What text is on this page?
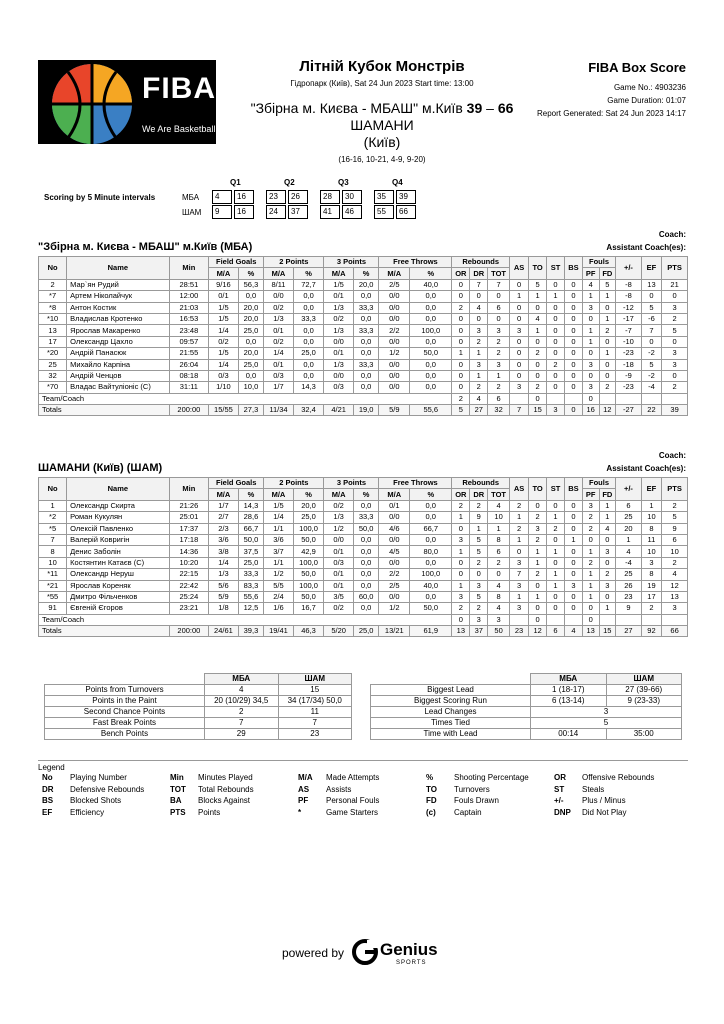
FIBA
We Are Basketball
Літній Кубок Монстрів
Гідропарк (Київ), Sat 24 Jun 2023 Start time: 13:00
"Збірна м. Києва - МБАШ" м.Київ 39 – 66 ШАМАНИ
(Київ)
(16-16, 10-21, 4-9, 9-20)
FIBA Box Score
Game No.: 4903236
Game Duration: 01:07
Report Generated: Sat 24 Jun 2023 14:17
Scoring by 5 Minute intervals
Q1	Q2	Q3	Q4
МБА
ШАМ
4	16	23	26	28	30	35	39
9	16	24	37	41	46	55	66
Coach:
"Збірна м. Києва - МБАШ" м.Київ (МБА)	Assistant Coach(es):
No	Name	Min	Field Goals		2 Points		3 Points		Free Throws		Rebounds			AS	TO	ST	BS	Fouls		+/-	EF	PTS
			M/A	%	M/A	%	M/A	%	M/A	%	OR	DR	TOT					PF	FD			
2	Мар`ян Рудий	28:51	9/16	56,3	8/11	72,7	1/5	20,0	2/5	40,0	0	7	7	0	5	0	0	4	5	-8	13	21
*7	Артем Ніколайчук	12:00	0/1	0,0	0/0	0,0	0/1	0,0	0/0	0,0	0	0	0	1	1	1	0	1	1	-8	0	0
*8	Антон Костик	21:03	1/5	20,0	0/2	0,0	1/3	33,3	0/0	0,0	2	4	6	0	0	0	0	3	0	-12	5	3
*10	Владислав Кротенко	16:53	1/5	20,0	1/3	33,3	0/2	0,0	0/0	0,0	0	0	0	0	4	0	0	0	1	-17	-6	2
13	Ярослав Макаренко	23:48	1/4	25,0	0/1	0,0	1/3	33,3	2/2	100,0	0	3	3	3	1	0	0	1	2	-7	7	5
17	Олександр Цахло	09:57	0/2	0,0	0/2	0,0	0/0	0,0	0/0	0,0	0	2	2	0	0	0	0	1	0	-10	0	0
*20	Андрій Панасюк	21:55	1/5	20,0	1/4	25,0	0/1	0,0	1/2	50,0	1	1	2	0	2	0	0	0	1	-23	-2	3
25	Михайло Карпіна	26:04	1/4	25,0	0/1	0,0	1/3	33,3	0/0	0,0	0	3	3	0	0	2	0	3	0	-18	5	3
32	Андрій Ченцов	08:18	0/3	0,0	0/3	0,0	0/0	0,0	0/0	0,0	0	1	1	0	0	0	0	0	0	-9	-2	0
*70	Владас Вайтуліоніс (C)	31:11	1/10	10,0	1/7	14,3	0/3	0,0	0/0	0,0	0	2	2	3	2	0	0	3	2	-23	-4	2
Team/Coach											2	4	6		0			0				
Totals		200:00	15/55	27,3	11/34	32,4	4/21	19,0	5/9	55,6	5	27	32	7	15	3	0	16	12	-27	22	39
Coach:
ШАМАНИ (Київ) (ШАМ)	Assistant Coach(es):
No	Name	Min	Field Goals		2 Points		3 Points		Free Throws		Rebounds			AS	TO	ST	BS	Fouls		+/-	EF	PTS
			M/A	%	M/A	%	M/A	%	M/A	%	OR	DR	TOT					PF	FD			
1	Олександр Скирта	21:26	1/7	14,3	1/5	20,0	0/2	0,0	0/1	0,0	2	2	4	2	0	0	0	3	1	6	1	2
*2	Роман Кукулян	25:01	2/7	28,6	1/4	25,0	1/3	33,3	0/0	0,0	1	9	10	1	2	1	0	2	1	25	10	5
*5	Олексій Павленко	17:37	2/3	66,7	1/1	100,0	1/2	50,0	4/6	66,7	0	1	1	2	3	2	0	2	4	20	8	9
7	Валерій Ковригін	17:18	3/6	50,0	3/6	50,0	0/0	0,0	0/0	0,0	3	5	8	1	2	0	1	0	0	1	11	6
8	Денис Заболін	14:36	3/8	37,5	3/7	42,9	0/1	0,0	4/5	80,0	1	5	6	0	1	1	0	1	3	4	10	10
10	Костянтин Катаєв (C)	10:20	1/4	25,0	1/1	100,0	0/3	0,0	0/0	0,0	0	2	2	3	1	0	0	2	0	-4	3	2
*11	Олександр Неруш	22:15	1/3	33,3	1/2	50,0	0/1	0,0	2/2	100,0	0	0	0	7	2	1	0	1	2	25	8	4
*21	Ярослав Кореняк	22:42	5/6	83,3	5/5	100,0	0/1	0,0	2/5	40,0	1	3	4	3	0	1	3	1	3	26	19	12
*55	Дмитро Фільченков	25:24	5/9	55,6	2/4	50,0	3/5	60,0	0/0	0,0	3	5	8	1	1	0	0	1	0	23	17	13
91	Євгеній Єгоров	23:21	1/8	12,5	1/6	16,7	0/2	0,0	1/2	50,0	2	2	4	3	0	0	0	0	1	9	2	3
Team/Coach											0	3	3		0			0				
Totals		200:00	24/61	39,3	19/41	46,3	5/20	25,0	13/21	61,9	13	37	50	23	12	6	4	13	15	27	92	66
	МБА	ШАМ
Points from Turnovers	4	15
Points in the Paint	20 (10/29) 34,5	34 (17/34) 50,0
Second Chance Points	2	11
Fast Break Points	7	7
Bench Points	29	23
	МБА	ШАМ
Biggest Lead	1 (18-17)	27 (39-66)
Biggest Scoring Run	6 (13-14)	9 (23-33)
Lead Changes	3	
Times Tied	5	
Time with Lead	00:14	35:00
Legend
No Playing Number	Min Minutes Played	M/A Made Attempts	%	Shooting Percentage	OR Offensive Rebounds
DR Defensive Rebounds	TOT Total Rebounds	AS Assists	TO Turnovers	ST Steals
BS Blocked Shots	BA Blocks Against	PF Personal Fouls	FD Fouls Drawn	+/- Plus / Minus
EF Efficiency	PTS Points	*	Game Starters	(c) Captain	DNP Did Not Play
powered by Genius
SPORTS
